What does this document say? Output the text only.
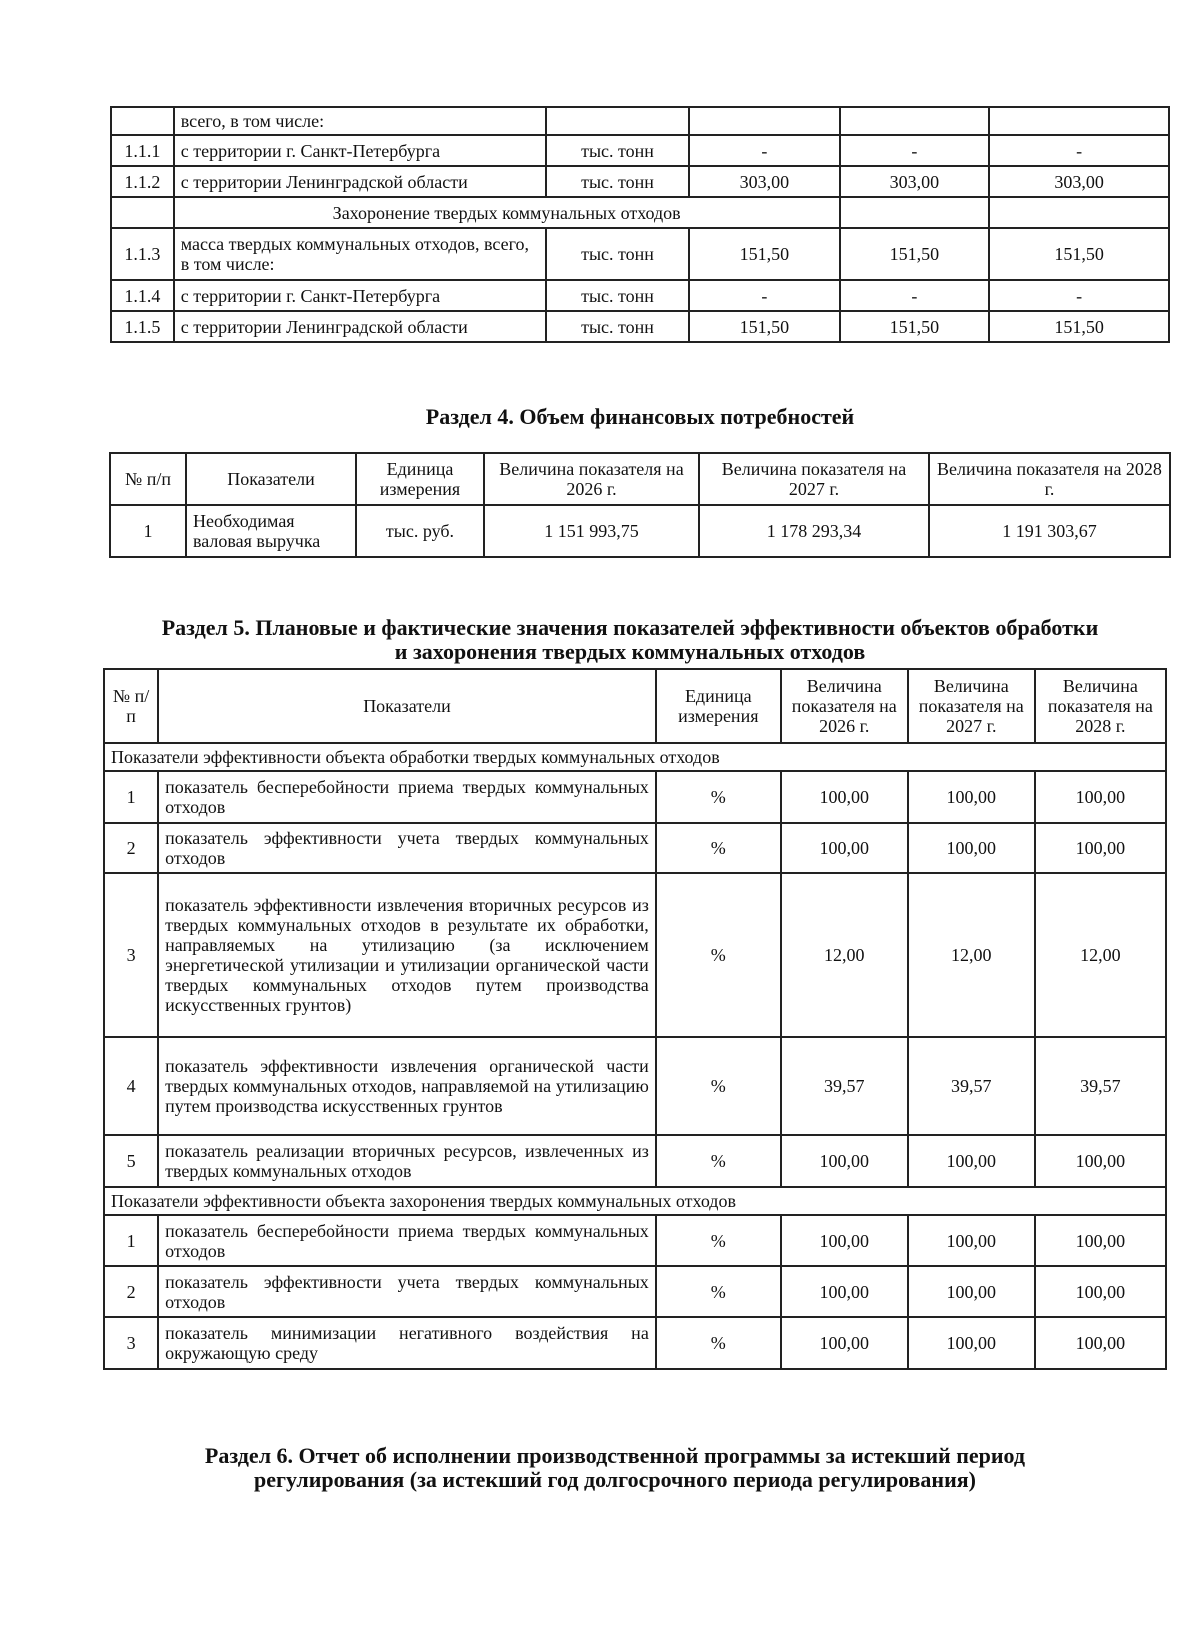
	всего, в том числе:				
1.1.1	с территории г. Санкт-Петербурга	тыс. тонн	-	-	-
1.1.2	с территории Ленинградской области	тыс. тонн	303,00	303,00	303,00
	Захоронение твердых коммунальных отходов				
1.1.3	масса твердых коммунальных отходов, всего, в том числе:	тыс. тонн	151,50	151,50	151,50
1.1.4	с территории г. Санкт-Петербурга	тыс. тонн	-	-	-
1.1.5	с территории Ленинградской области	тыс. тонн	151,50	151,50	151,50
Раздел 4. Объем финансовых потребностей
№ п/п	Показатели	Единица измерения	Величина показателя на 2026 г.	Величина показателя на 2027 г.	Величина показателя на 2028 г.
1	Необходимая валовая выручка	тыс. руб.	1 151 993,75	1 178 293,34	1 191 303,67
Раздел 5. Плановые и фактические значения показателей эффективности объектов обработки и захоронения твердых коммунальных отходов
№ п/п	Показатели	Единица измерения	Величина показателя на 2026 г.	Величина показателя на 2027 г.	Величина показателя на 2028 г.
Показатели эффективности объекта обработки твердых коммунальных отходов					
1	показатель бесперебойности приема твердых коммунальных отходов	%	100,00	100,00	100,00
2	показатель эффективности учета твердых коммунальных отходов	%	100,00	100,00	100,00
3	показатель эффективности извлечения вторичных ресурсов из твердых коммунальных отходов в результате их обработки, направляемых на утилизацию (за исключением энергетической утилизации и утилизации органической части твердых коммунальных отходов путем производства искусственных грунтов)	%	12,00	12,00	12,00
4	показатель эффективности извлечения органической части твердых коммунальных отходов, направляемой на утилизацию путем производства искусственных грунтов	%	39,57	39,57	39,57
5	показатель реализации вторичных ресурсов, извлеченных из твердых коммунальных отходов	%	100,00	100,00	100,00
Показатели эффективности объекта захоронения твердых коммунальных отходов					
1	показатель бесперебойности приема твердых коммунальных отходов	%	100,00	100,00	100,00
2	показатель эффективности учета твердых коммунальных отходов	%	100,00	100,00	100,00
3	показатель минимизации негативного воздействия на окружающую среду	%	100,00	100,00	100,00
Раздел 6. Отчет об исполнении производственной программы за истекший период регулирования (за истекший год долгосрочного периода регулирования)
